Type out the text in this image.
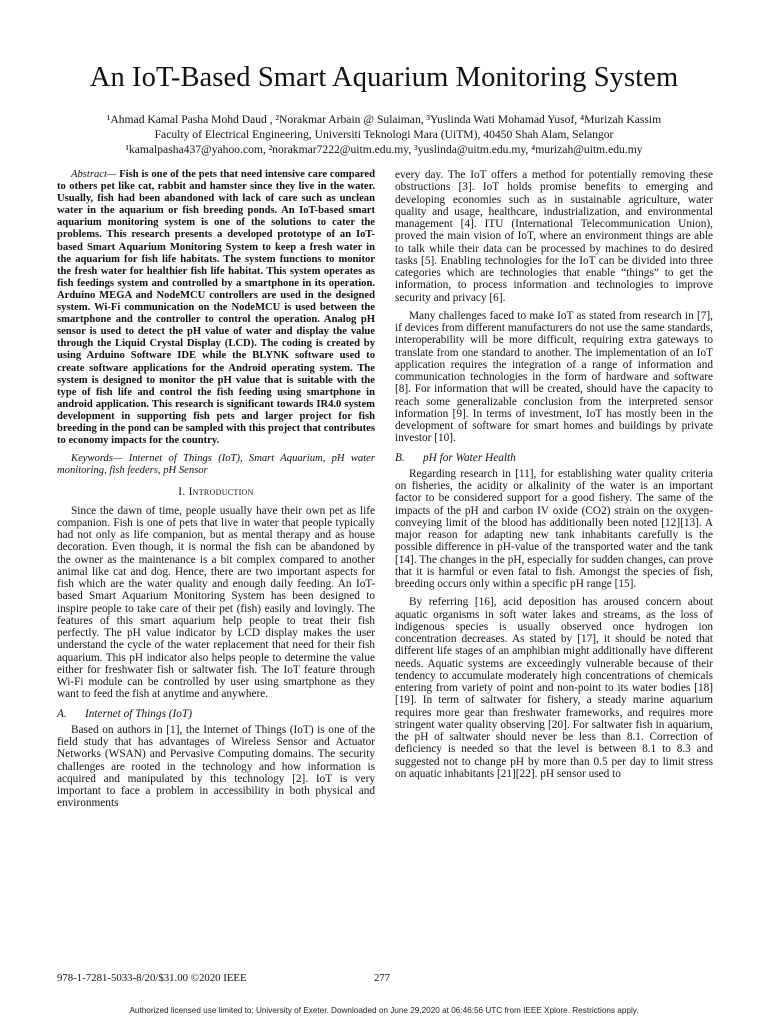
An IoT-Based Smart Aquarium Monitoring System
¹Ahmad Kamal Pasha Mohd Daud , ²Norakmar Arbain @ Sulaiman, ³Yuslinda Wati Mohamad Yusof, ⁴Murizah Kassim
Faculty of Electrical Engineering, Universiti Teknologi Mara (UiTM), 40450 Shah Alam, Selangor
¹kamalpasha437@yahoo.com, ²norakmar7222@uitm.edu.my, ³yuslinda@uitm.edu.my, ⁴murizah@uitm.edu.my

Abstract— Fish is one of the pets that need intensive care compared to others pet like cat, rabbit and hamster since they live in the water. Usually, fish had been abandoned with lack of care such as unclean water in the aquarium or fish breeding ponds. An IoT-based smart aquarium monitoring system is one of the solutions to cater the problems. This research presents a developed prototype of an IoT-based Smart Aquarium Monitoring System to keep a fresh water in the aquarium for fish life habitats. The system functions to monitor the fresh water for healthier fish life habitat. This system operates as fish feedings system and controlled by a smartphone in its operation. Arduino MEGA and NodeMCU controllers are used in the designed system. Wi-Fi communication on the NodeMCU is used between the smartphone and the controller to control the operation. Analog pH sensor is used to detect the pH value of water and display the value through the Liquid Crystal Display (LCD). The coding is created by using Arduino Software IDE while the BLYNK software used to create software applications for the Android operating system. The system is designed to monitor the pH value that is suitable with the type of fish life and control the fish feeding using smartphone in android application. This research is significant towards IR4.0 system development in supporting fish pets and larger project for fish breeding in the pond can be sampled with this project that contributes to economy impacts for the country.

Keywords— Internet of Things (IoT), Smart Aquarium, pH water monitoring, fish feeders, pH Sensor

I. Introduction

Since the dawn of time, people usually have their own pet as life companion. Fish is one of pets that live in water that people typically had not only as life companion, but as mental therapy and as house decoration. Even though, it is normal the fish can be abandoned by the owner as the maintenance is a bit complex compared to another animal like cat and dog. Hence, there are two important aspects for fish which are the water quality and enough daily feeding. An IoT-based Smart Aquarium Monitoring System has been designed to inspire people to take care of their pet (fish) easily and lovingly. The features of this smart aquarium help people to treat their fish perfectly. The pH value indicator by LCD display makes the user understand the cycle of the water replacement that need for their fish aquarium. This pH indicator also helps people to determine the value either for freshwater fish or saltwater fish. The IoT feature through Wi-Fi module can be controlled by user using smartphone as they want to feed the fish at anytime and anywhere.

A. Internet of Things (IoT)

Based on authors in [1], the Internet of Things (IoT) is one of the field study that has advantages of Wireless Sensor and Actuator Networks (WSAN) and Pervasive Computing domains. The security challenges are rooted in the technology and how information is acquired and manipulated by this technology [2]. IoT is very important to face a problem in accessibility in both physical and environments

every day. The IoT offers a method for potentially removing these obstructions [3]. IoT holds promise benefits to emerging and developing economies such as in sustainable agriculture, water quality and usage, healthcare, industrialization, and environmental management [4]. ITU (International Telecommunication Union), proved the main vision of IoT, where an environment things are able to talk while their data can be processed by machines to do desired tasks [5]. Enabling technologies for the IoT can be divided into three categories which are technologies that enable “things” to get the information, to process information and technologies to improve security and privacy [6].

Many challenges faced to make IoT as stated from research in [7], if devices from different manufacturers do not use the same standards, interoperability will be more difficult, requiring extra gateways to translate from one standard to another. The implementation of an IoT application requires the integration of a range of information and communication technologies in the form of hardware and software [8]. For information that will be created, should have the capacity to reach some generalizable conclusion from the interpreted sensor information [9]. In terms of investment, IoT has mostly been in the development of software for smart homes and buildings by private investor [10].

B. pH for Water Health

Regarding research in [11], for establishing water quality criteria on fisheries, the acidity or alkalinity of the water is an important factor to be considered support for a good fishery. The same of the impacts of the pH and carbon IV oxide (CO2) strain on the oxygen-conveying limit of the blood has additionally been noted [12][13]. A major reason for adapting new tank inhabitants carefully is the possible difference in pH-value of the transported water and the tank [14]. The changes in the pH, especially for sudden changes, can prove that it is harmful or even fatal to fish. Amongst the species of fish, breeding occurs only within a specific pH range [15].

By referring [16], acid deposition has aroused concern about aquatic organisms in soft water lakes and streams, as the loss of indigenous species is usually observed once hydrogen ion concentration decreases. As stated by [17], it should be noted that different life stages of an amphibian might additionally have different needs. Aquatic systems are exceedingly vulnerable because of their tendency to accumulate moderately high concentrations of chemicals entering from variety of point and non-point to its water bodies [18][19]. In term of saltwater for fishery, a steady marine aquarium requires more gear than freshwater frameworks, and requires more stringent water quality observing [20]. For saltwater fish in aquarium, the pH of saltwater should never be less than 8.1. Correction of deficiency is needed so that the level is between 8.1 to 8.3 and suggested not to change pH by more than 0.5 per day to limit stress on aquatic inhabitants [21][22]. pH sensor used to

978-1-7281-5033-8/20/$31.00 ©2020 IEEE	277
Authorized licensed use limited to: University of Exeter. Downloaded on June 29,2020 at 06:46:56 UTC from IEEE Xplore. Restrictions apply.
